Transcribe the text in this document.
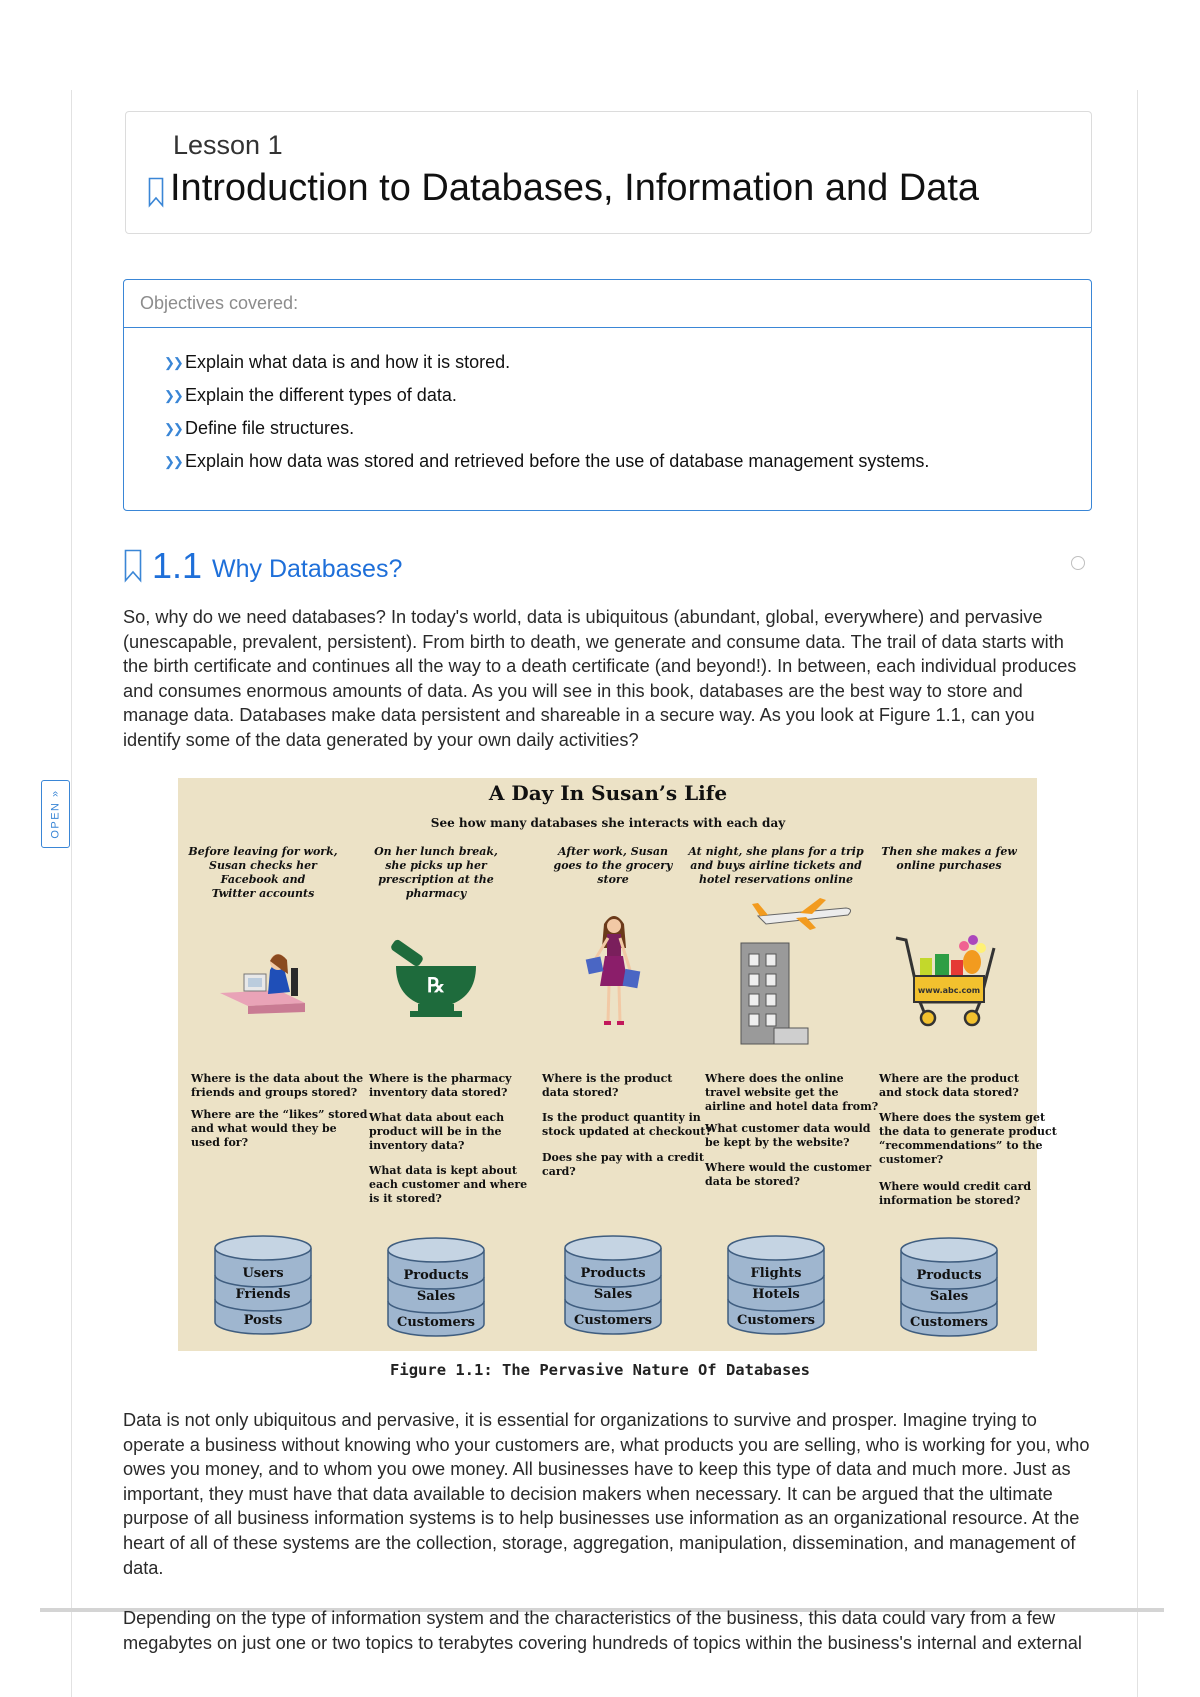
OPEN »
Lesson 1
Introduction to Databases, Information and Data
Objectives covered:
❯❯ Explain what data is and how it is stored.
❯❯ Explain the different types of data.
❯❯ Define file structures.
❯❯ Explain how data was stored and retrieved before the use of database management systems.
1.1 Why Databases?

So, why do we need databases? In today's world, data is ubiquitous (abundant, global, everywhere) and pervasive (unescapable, prevalent, persistent). From birth to death, we generate and consume data. The trail of data starts with the birth certificate and continues all the way to a death certificate (and beyond!). In between, each individual produces and consumes enormous amounts of data. As you will see in this book, databases are the best way to store and manage data. Databases make data persistent and shareable in a secure way. As you look at Figure 1.1, can you identify some of the data generated by your own daily activities?

A Day In Susan’s Life
See how many databases she interacts with each day
Before leaving for work,
Susan checks her
Facebook and
Twitter accounts
Where is the data about the
friends and groups stored?
Where are the “likes” stored
and what would they be
used for?
Users
Friends
Posts
On her lunch break,
she picks up her
prescription at the
pharmacy
℞
Where is the pharmacy
inventory data stored?
What data about each
product will be in the
inventory data?
What data is kept about
each customer and where
is it stored?
Products
Sales
Customers
After work, Susan
goes to the grocery
store
Where is the product
data stored?
Is the product quantity in
stock updated at checkout?
Does she pay with a credit
card?
Products
Sales
Customers
At night, she plans for a trip
and buys airline tickets and
hotel reservations online
Where does the online
travel website get the
airline and hotel data from?
What customer data would
be kept by the website?
Where would the customer
data be stored?
Flights
Hotels
Customers
Then she makes a few
online purchases
www.abc.com
Where are the product
and stock data stored?
Where does the system get
the data to generate product
“recommendations” to the
customer?
Where would credit card
information be stored?
Products
Sales
Customers
Figure 1.1: The Pervasive Nature Of Databases

Data is not only ubiquitous and pervasive, it is essential for organizations to survive and prosper. Imagine trying to operate a business without knowing who your customers are, what products you are selling, who is working for you, who owes you money, and to whom you owe money. All businesses have to keep this type of data and much more. Just as important, they must have that data available to decision makers when necessary. It can be argued that the ultimate purpose of all business information systems is to help businesses use information as an organizational resource. At the heart of all of these systems are the collection, storage, aggregation, manipulation, dissemination, and management of data.

Depending on the type of information system and the characteristics of the business, this data could vary from a few megabytes on just one or two topics to terabytes covering hundreds of topics within the business's internal and external
